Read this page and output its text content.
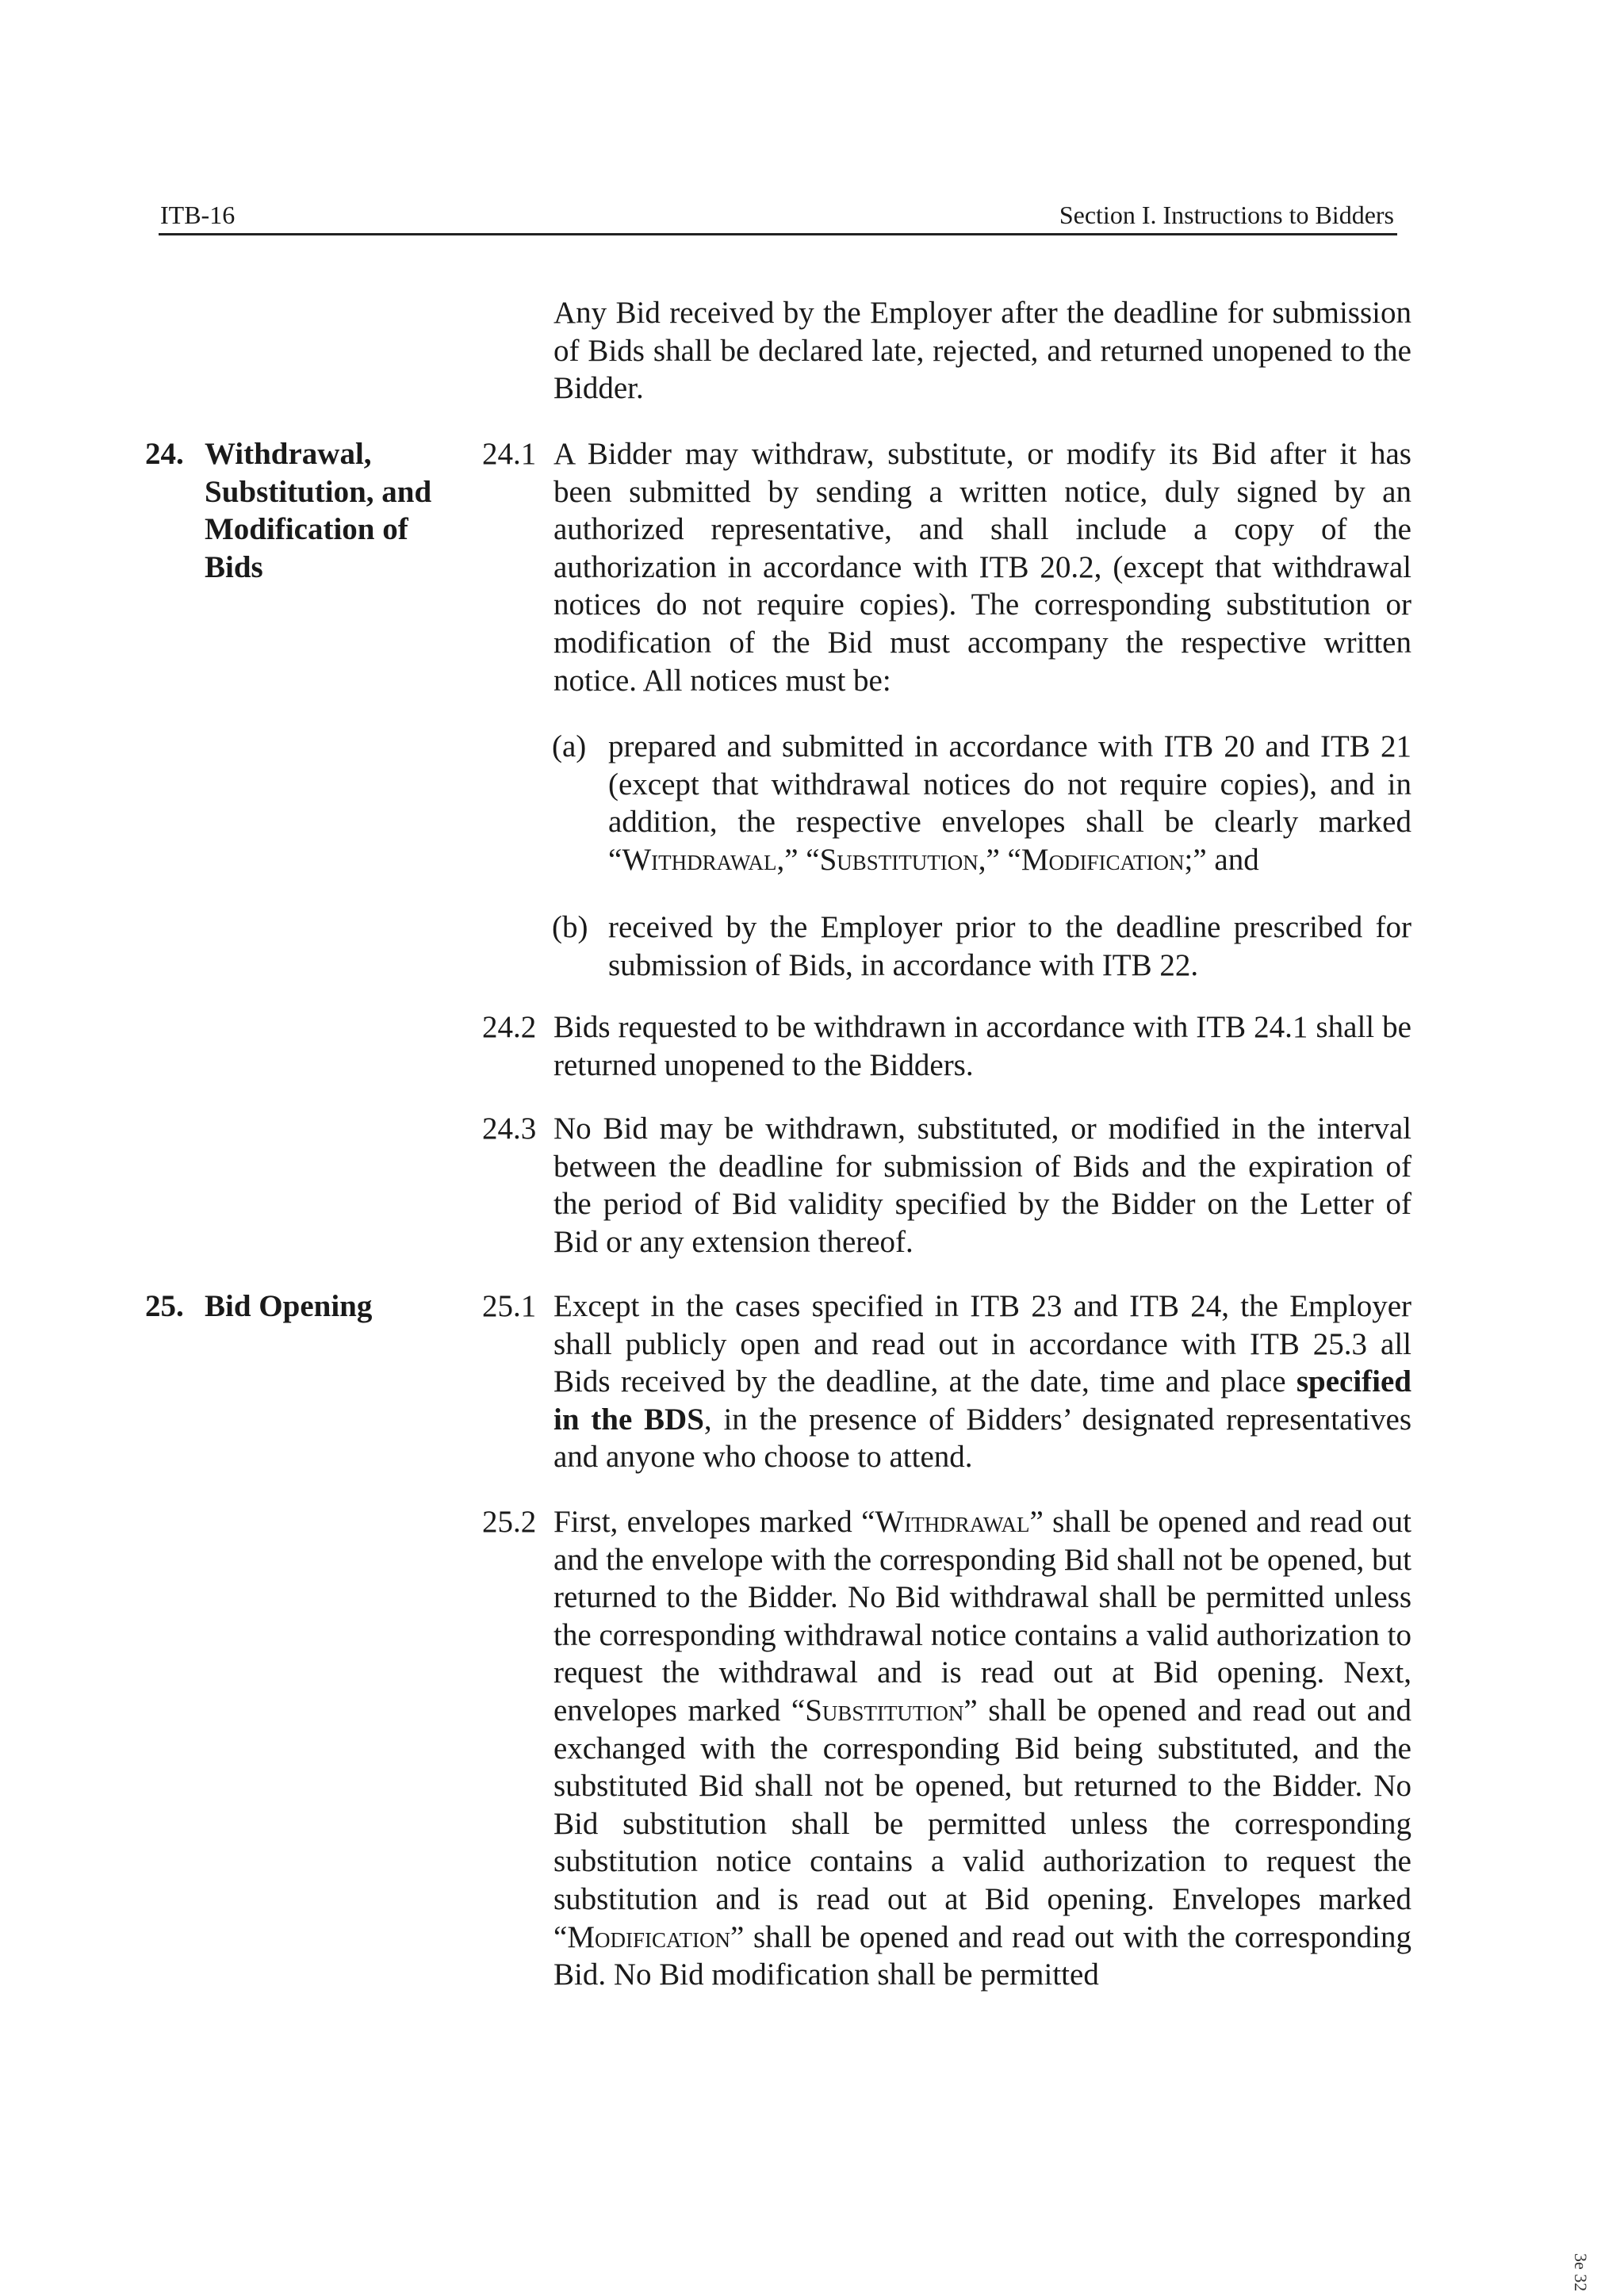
ITB-16	Section I. Instructions to Bidders
Any Bid received by the Employer after the deadline for submission of Bids shall be declared late, rejected, and returned unopened to the Bidder.
24. Withdrawal, Substitution, and Modification of Bids
24.1 A Bidder may withdraw, substitute, or modify its Bid after it has been submitted by sending a written notice, duly signed by an authorized representative, and shall include a copy of the authorization in accordance with ITB 20.2, (except that withdrawal notices do not require copies). The corresponding substitution or modification of the Bid must accompany the respective written notice. All notices must be:
(a) prepared and submitted in accordance with ITB 20 and ITB 21 (except that withdrawal notices do not require copies), and in addition, the respective envelopes shall be clearly marked “Withdrawal,” “Substitution,” “Modification;” and
(b) received by the Employer prior to the deadline prescribed for submission of Bids, in accordance with ITB 22.
24.2 Bids requested to be withdrawn in accordance with ITB 24.1 shall be returned unopened to the Bidders.
24.3 No Bid may be withdrawn, substituted, or modified in the interval between the deadline for submission of Bids and the expiration of the period of Bid validity specified by the Bidder on the Letter of Bid or any extension thereof.
25. Bid Opening	25.1 Except in the cases specified in ITB 23 and ITB 24, the Employer shall publicly open and read out in accordance with ITB 25.3 all Bids received by the deadline, at the date, time and place specified in the BDS, in the presence of Bidders’ designated representatives and anyone who choose to attend.
25.2 First, envelopes marked “Withdrawal” shall be opened and read out and the envelope with the corresponding Bid shall not be opened, but returned to the Bidder. No Bid withdrawal shall be permitted unless the corresponding withdrawal notice contains a valid authorization to request the withdrawal and is read out at Bid opening. Next, envelopes marked “Substitution” shall be opened and read out and exchanged with the corresponding Bid being substituted, and the substituted Bid shall not be opened, but returned to the Bidder. No Bid substitution shall be permitted unless the corresponding substitution notice contains a valid authorization to request the substitution and is read out at Bid opening. Envelopes marked “Modification” shall be opened and read out with the corresponding Bid. No Bid modification shall be permitted
3e 32
